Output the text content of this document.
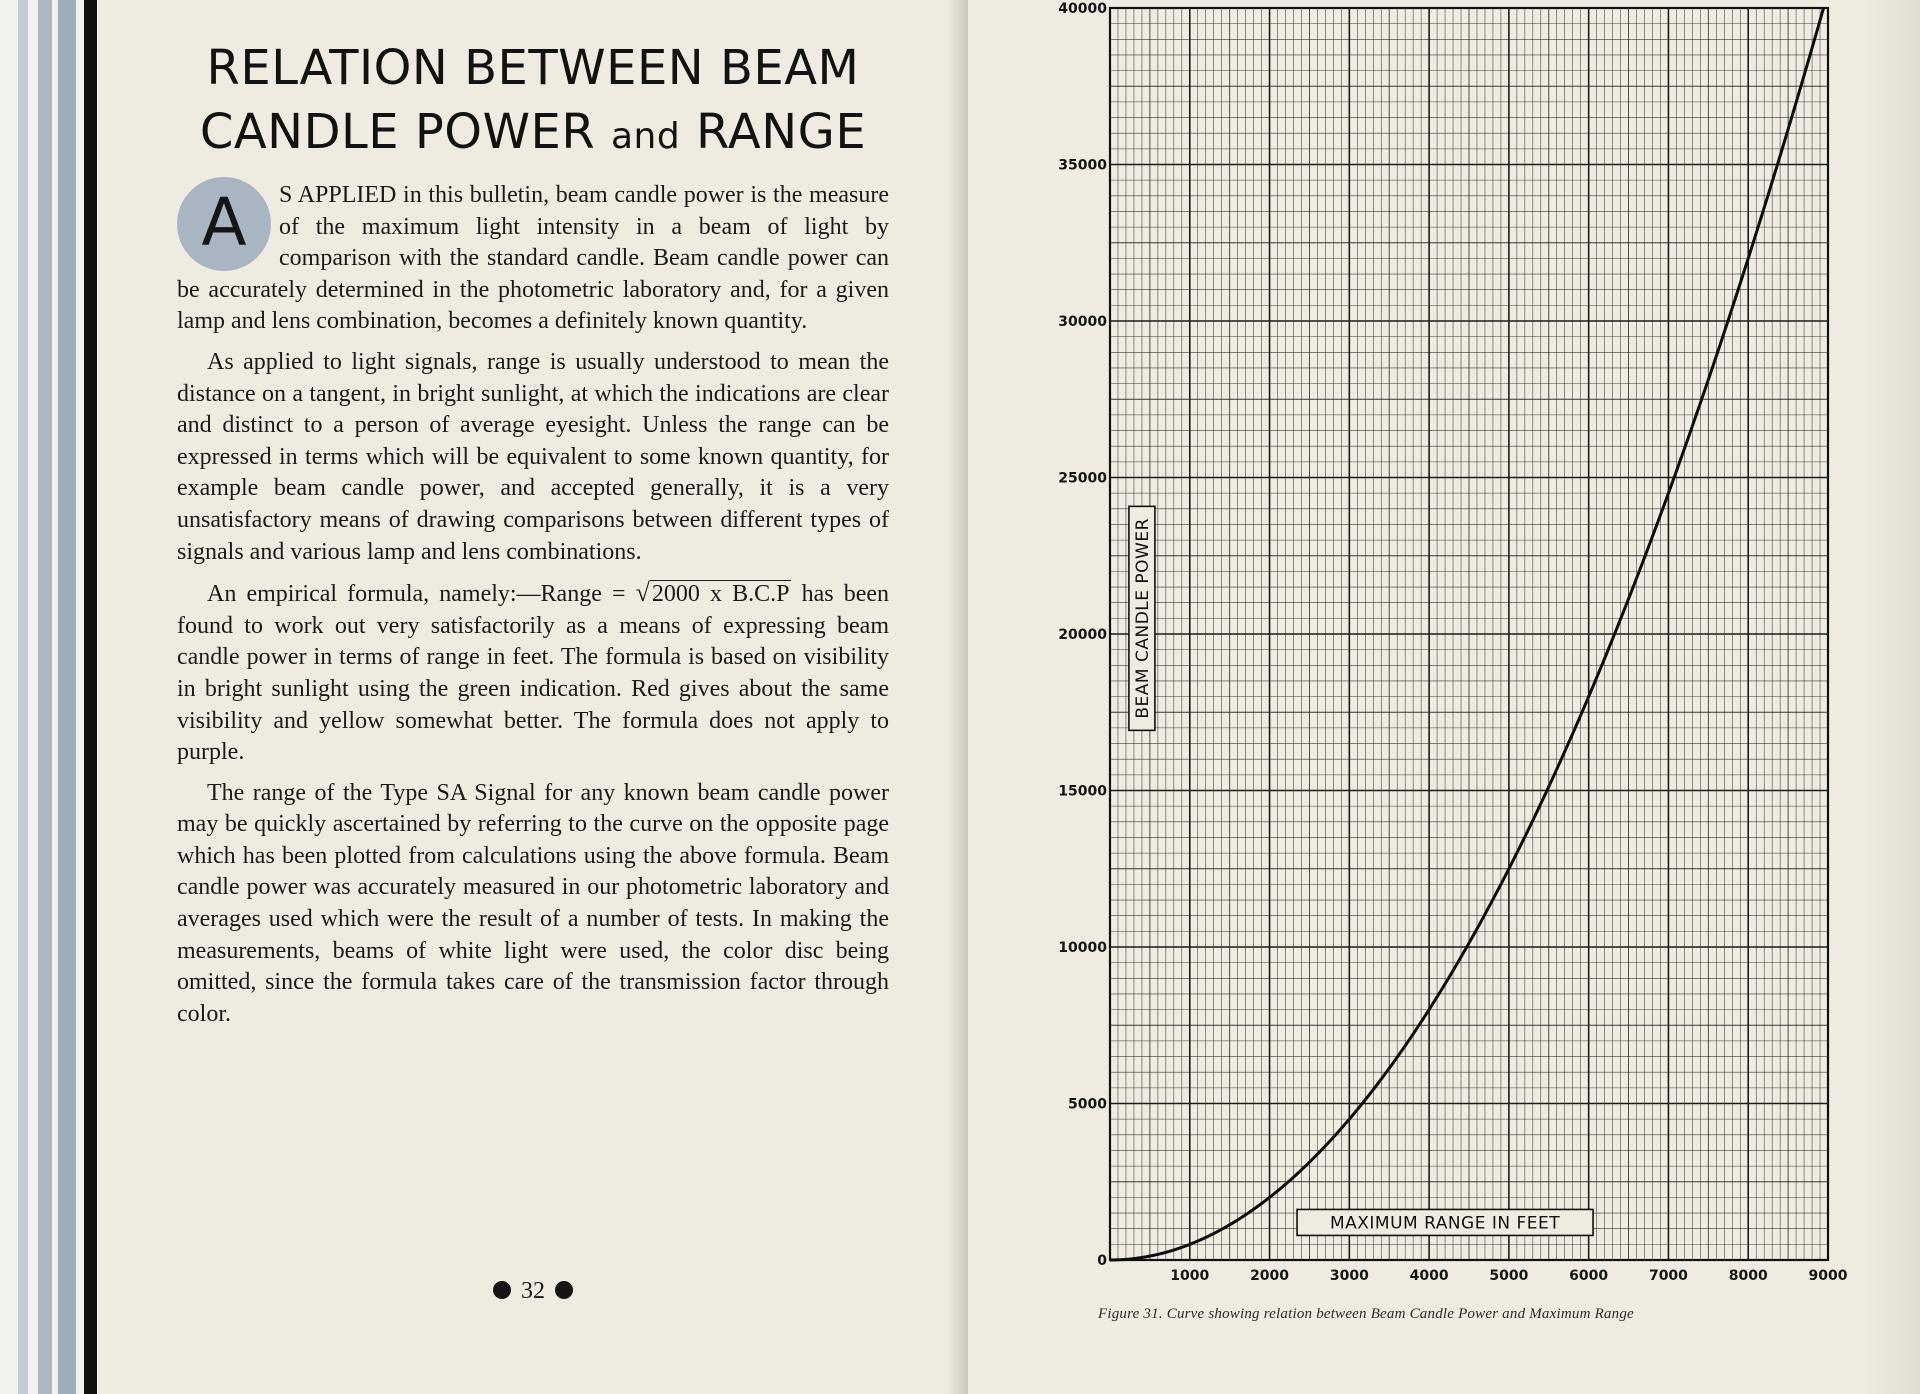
RELATION BETWEEN BEAM
CANDLE POWER and RANGE

A	S APPLIED in this bulletin, beam candle power is the measure of the maximum light intensity in a beam of light by comparison with the standard candle. Beam candle power can be accurately determined in the photometric laboratory and, for a given lamp and lens combination, becomes a definitely known quantity.

As applied to light signals, range is usually understood to mean the distance on a tangent, in bright sunlight, at which the indications are clear and distinct to a person of average eyesight. Unless the range can be expressed in terms which will be equivalent to some known quantity, for example beam candle power, and accepted generally, it is a very unsatisfactory means of drawing comparisons between different types of signals and various lamp and lens combinations.

An empirical formula, namely:—Range = √2000 x B.C.P has been found to work out very satisfactorily as a means of expressing beam candle power in terms of range in feet. The formula is based on visibility in bright sunlight using the green indication. Red gives about the same visibility and yellow somewhat better. The formula does not apply to purple.

The range of the Type SA Signal for any known beam candle power may be quickly ascertained by referring to the curve on the opposite page which has been plotted from calculations using the above formula. Beam candle power was accurately measured in our photometric laboratory and averages used which were the result of a number of tests. In making the measurements, beams of white light were used, the color disc being omitted, since the formula takes care of the transmission factor through color.

32
1000	2000	3000	4000	5000	6000	7000	8000	9000
0
5000
10000
15000
20000
25000
30000
35000
40000
MAXIMUM RANGE IN FEET
BEAM CANDLE POWER
Figure 31. Curve showing relation between Beam Candle Power and Maximum Range
